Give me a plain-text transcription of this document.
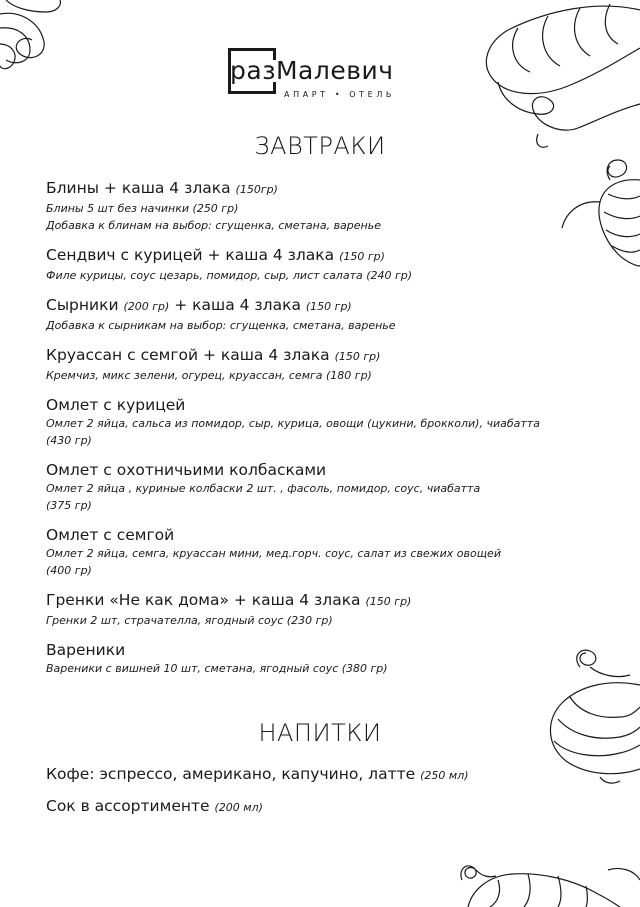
разМалевич
АПАРТ • ОТЕЛЬ
ЗАВТРАКИ
Блины + каша 4 злака (150гр)
Блины 5 шт без начинки (250 гр)
Добавка к блинам на выбор: сгущенка, сметана, варенье
Сендвич с курицей + каша 4 злака (150 гр)
Филе курицы, соус цезарь, помидор, сыр, лист салата (240 гр)
Сырники (200 гр) + каша 4 злака (150 гр)
Добавка к сырникам на выбор: сгущенка, сметана, варенье
Круассан с семгой + каша 4 злака (150 гр)
Кремчиз, микс зелени, огурец, круассан, семга (180 гр)
Омлет с курицей
Омлет 2 яйца, сальса из помидор, сыр, курица, овощи (цукини, брокколи), чиабатта
(430 гр)
Омлет с охотничьими колбасками
Омлет 2 яйца , куриные колбаски 2 шт. , фасоль, помидор, соус, чиабатта
(375 гр)
Омлет с семгой
Омлет 2 яйца, семга, круассан мини, мед.горч. соус, салат из свежих овощей
(400 гр)
Гренки «Не как дома» + каша 4 злака (150 гр)
Гренки 2 шт, страчателла, ягодный соус (230 гр)
Вареники
Вареники с вишней 10 шт, сметана, ягодный соус (380 гр)
НАПИТКИ
Кофе: эспрессо, американо, капучино, латте (250 мл)
Сок в ассортименте (200 мл)
